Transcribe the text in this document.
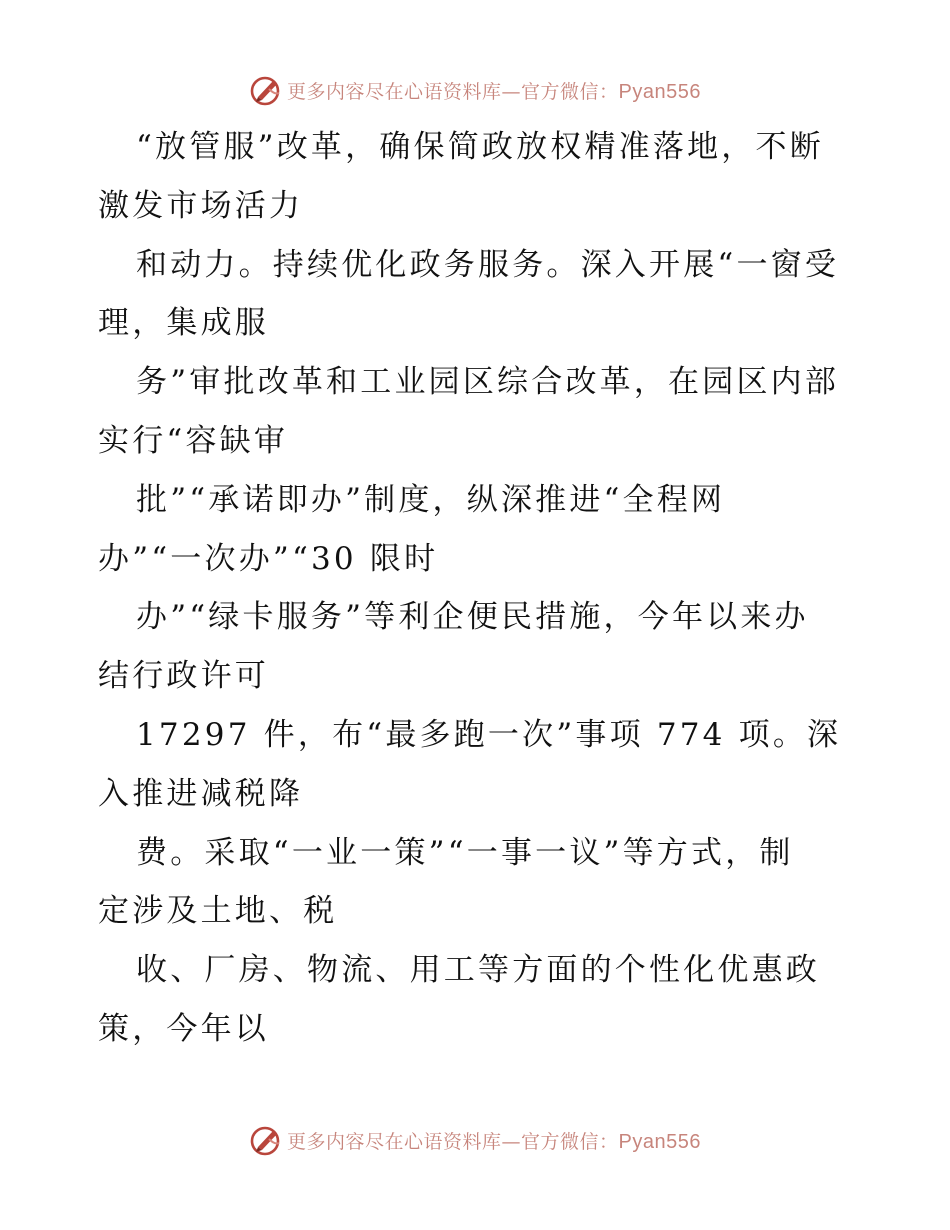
更多内容尽在心语资料库—官方微信：Pyan556
“放管服”改革，确保简政放权精准落地，不断
激发市场活力
和动力。持续优化政务服务。深入开展“一窗受
理，集成服
务”审批改革和工业园区综合改革，在园区内部
实行“容缺审
批”“承诺即办”制度，纵深推进“全程网
办”“一次办”“30 限时
办”“绿卡服务”等利企便民措施，今年以来办
结行政许可
17297 件，布“最多跑一次”事项 774 项。深
入推进减税降
费。采取“一业一策”“一事一议”等方式，制
定涉及土地、税
收、厂房、物流、用工等方面的个性化优惠政
策，今年以
更多内容尽在心语资料库—官方微信：Pyan556
